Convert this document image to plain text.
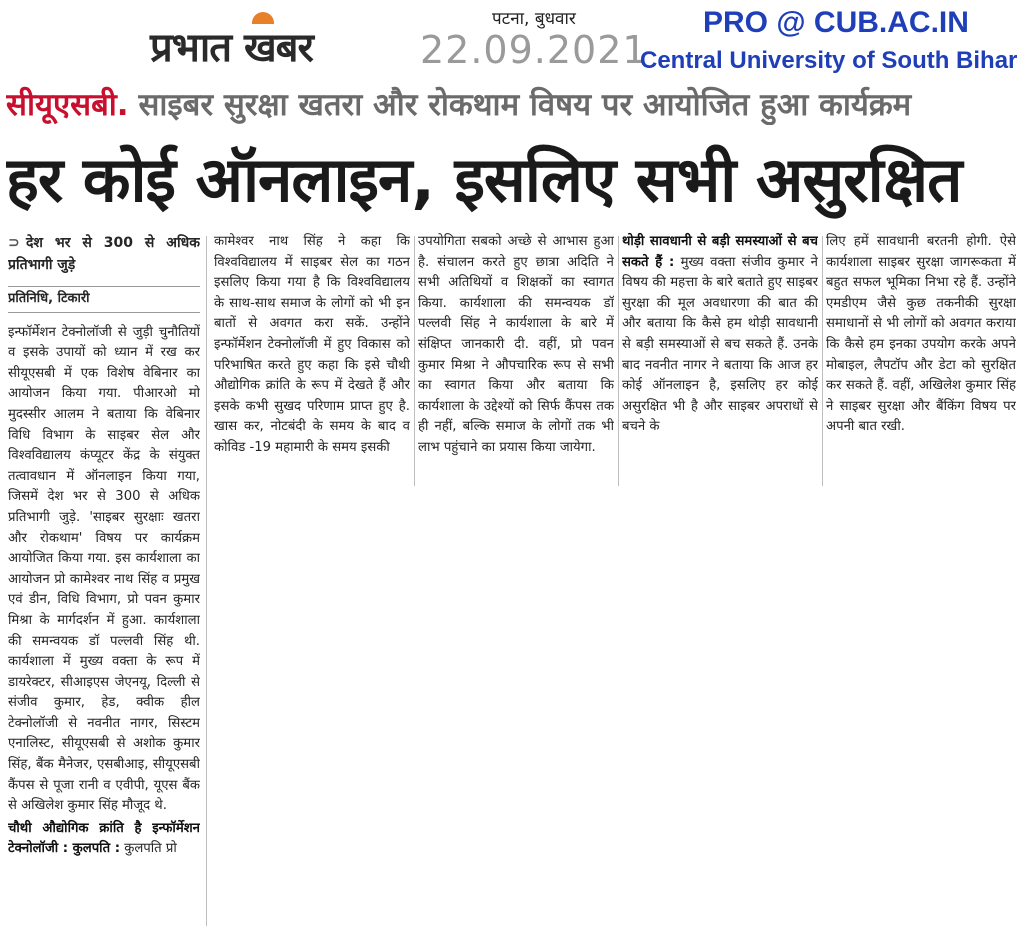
प्रभात खबर
पटना, बुधवार
22.09.2021
PRO @ CUB.AC.IN
Central University of South Bihar
सीयूएसबी. साइबर सुरक्षा खतरा और रोकथाम विषय पर आयोजित हुआ कार्यक्रम
हर कोई ऑनलाइन, इसलिए सभी असुरक्षित
⊃ देश भर से 300 से अधिक प्रतिभागी जुड़े
प्रतिनिधि, टिकारी
इन्फॉर्मेशन टेक्नोलॉजी से जुड़ी चुनौतियों व इसके उपायों को ध्यान में रख कर सीयूएसबी में एक विशेष वेबिनार का आयोजन किया गया. पीआरओ मो मुदस्सीर आलम ने बताया कि वेबिनार विधि विभाग के साइबर सेल और विश्वविद्यालय कंप्यूटर केंद्र के संयुक्त तत्वावधान में ऑनलाइन किया गया, जिसमें देश भर से 300 से अधिक प्रतिभागी जुड़े. 'साइबर सुरक्षाः खतरा और रोकथाम' विषय पर कार्यक्रम आयोजित किया गया. इस कार्यशाला का आयोजन प्रो कामेश्वर नाथ सिंह व प्रमुख एवं डीन, विधि विभाग, प्रो पवन कुमार मिश्रा के मार्गदर्शन में हुआ. कार्यशाला की समन्वयक डॉ पल्लवी सिंह थी. कार्यशाला में मुख्य वक्ता के रूप में डायरेक्टर, सीआइएस जेएनयू, दिल्ली से संजीव कुमार, हेड, क्वीक हील टेक्नोलॉजी से नवनीत नागर, सिस्टम एनालिस्ट, सीयूएसबी से अशोक कुमार सिंह, बैंक मैनेजर, एसबीआइ, सीयूएसबी कैंपस से पूजा रानी व एवीपी, यूएस बैंक से अखिलेश कुमार सिंह मौजूद थे.
चौथी औद्योगिक क्रांति है इन्फॉर्मेशन टेक्नोलॉजी : कुलपति : कुलपति प्रो
कामेश्वर नाथ सिंह ने कहा कि विश्वविद्यालय में साइबर सेल का गठन इसलिए किया गया है कि विश्वविद्यालय के साथ-साथ समाज के लोगों को भी इन बातों से अवगत करा सकें. उन्होंने इन्फॉर्मेशन टेक्नोलॉजी में हुए विकास को परिभाषित करते हुए कहा कि इसे चौथी औद्योगिक क्रांति के रूप में देखते हैं और इसके कभी सुखद परिणाम प्राप्त हुए है. खास कर, नोटबंदी के समय के बाद व कोविड -19 महामारी के समय इसकी
उपयोगिता सबको अच्छे से आभास हुआ है. संचालन करते हुए छात्रा अदिति ने सभी अतिथियों व शिक्षकों का स्वागत किया. कार्यशाला की समन्वयक डॉ पल्लवी सिंह ने कार्यशाला के बारे में संक्षिप्त जानकारी दी. वहीं, प्रो पवन कुमार मिश्रा ने औपचारिक रूप से सभी का स्वागत किया और बताया कि कार्यशाला के उद्देश्यों को सिर्फ कैंपस तक ही नहीं, बल्कि समाज के लोगों तक भी लाभ पहुंचाने का प्रयास किया जायेगा.
थोड़ी सावधानी से बड़ी समस्याओं से बच सकते हैं : मुख्य वक्ता संजीव कुमार ने विषय की महत्ता के बारे बताते हुए साइबर सुरक्षा की मूल अवधारणा की बात की और बताया कि कैसे हम थोड़ी सावधानी से बड़ी समस्याओं से बच सकते हैं. उनके बाद नवनीत नागर ने बताया कि आज हर कोई ऑनलाइन है, इसलिए हर कोई असुरक्षित भी है और साइबर अपराधों से बचने के
लिए हमें सावधानी बरतनी होगी. ऐसे कार्यशाला साइबर सुरक्षा जागरूकता में बहुत सफल भूमिका निभा रहे हैं. उन्होंने एमडीएम जैसे कुछ तकनीकी सुरक्षा समाधानों से भी लोगों को अवगत कराया कि कैसे हम इनका उपयोग करके अपने मोबाइल, लैपटॉप और डेटा को सुरक्षित कर सकते हैं. वहीं, अखिलेश कुमार सिंह ने साइबर सुरक्षा और बैंकिंग विषय पर अपनी बात रखी.
